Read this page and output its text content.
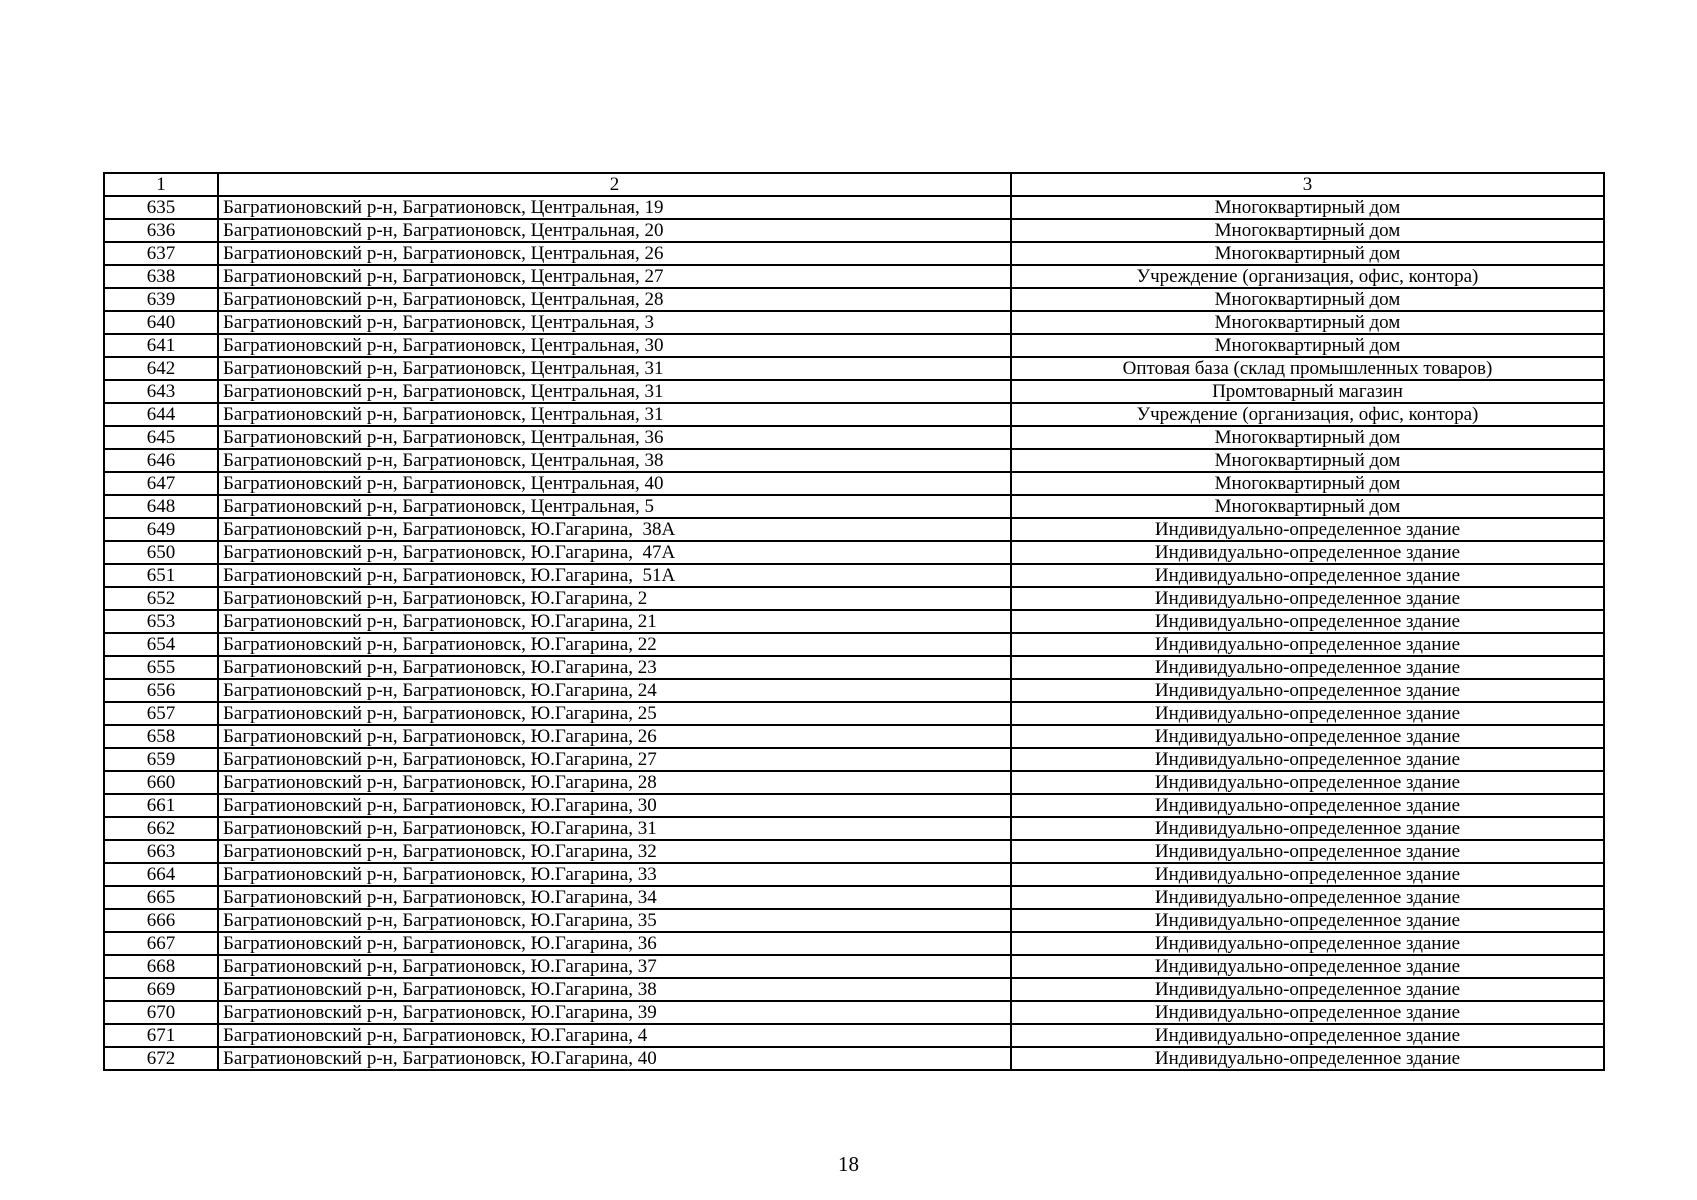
1	2	3
635	Багратионовский р-н, Багратионовск, Центральная, 19	Многоквартирный дом
636	Багратионовский р-н, Багратионовск, Центральная, 20	Многоквартирный дом
637	Багратионовский р-н, Багратионовск, Центральная, 26	Многоквартирный дом
638	Багратионовский р-н, Багратионовск, Центральная, 27	Учреждение (организация, офис, контора)
639	Багратионовский р-н, Багратионовск, Центральная, 28	Многоквартирный дом
640	Багратионовский р-н, Багратионовск, Центральная, 3	Многоквартирный дом
641	Багратионовский р-н, Багратионовск, Центральная, 30	Многоквартирный дом
642	Багратионовский р-н, Багратионовск, Центральная, 31	Оптовая база (склад промышленных товаров)
643	Багратионовский р-н, Багратионовск, Центральная, 31	Промтоварный магазин
644	Багратионовский р-н, Багратионовск, Центральная, 31	Учреждение (организация, офис, контора)
645	Багратионовский р-н, Багратионовск, Центральная, 36	Многоквартирный дом
646	Багратионовский р-н, Багратионовск, Центральная, 38	Многоквартирный дом
647	Багратионовский р-н, Багратионовск, Центральная, 40	Многоквартирный дом
648	Багратионовский р-н, Багратионовск, Центральная, 5	Многоквартирный дом
649	Багратионовский р-н, Багратионовск, Ю.Гагарина,  38А	Индивидуально-определенное здание
650	Багратионовский р-н, Багратионовск, Ю.Гагарина,  47А	Индивидуально-определенное здание
651	Багратионовский р-н, Багратионовск, Ю.Гагарина,  51А	Индивидуально-определенное здание
652	Багратионовский р-н, Багратионовск, Ю.Гагарина, 2	Индивидуально-определенное здание
653	Багратионовский р-н, Багратионовск, Ю.Гагарина, 21	Индивидуально-определенное здание
654	Багратионовский р-н, Багратионовск, Ю.Гагарина, 22	Индивидуально-определенное здание
655	Багратионовский р-н, Багратионовск, Ю.Гагарина, 23	Индивидуально-определенное здание
656	Багратионовский р-н, Багратионовск, Ю.Гагарина, 24	Индивидуально-определенное здание
657	Багратионовский р-н, Багратионовск, Ю.Гагарина, 25	Индивидуально-определенное здание
658	Багратионовский р-н, Багратионовск, Ю.Гагарина, 26	Индивидуально-определенное здание
659	Багратионовский р-н, Багратионовск, Ю.Гагарина, 27	Индивидуально-определенное здание
660	Багратионовский р-н, Багратионовск, Ю.Гагарина, 28	Индивидуально-определенное здание
661	Багратионовский р-н, Багратионовск, Ю.Гагарина, 30	Индивидуально-определенное здание
662	Багратионовский р-н, Багратионовск, Ю.Гагарина, 31	Индивидуально-определенное здание
663	Багратионовский р-н, Багратионовск, Ю.Гагарина, 32	Индивидуально-определенное здание
664	Багратионовский р-н, Багратионовск, Ю.Гагарина, 33	Индивидуально-определенное здание
665	Багратионовский р-н, Багратионовск, Ю.Гагарина, 34	Индивидуально-определенное здание
666	Багратионовский р-н, Багратионовск, Ю.Гагарина, 35	Индивидуально-определенное здание
667	Багратионовский р-н, Багратионовск, Ю.Гагарина, 36	Индивидуально-определенное здание
668	Багратионовский р-н, Багратионовск, Ю.Гагарина, 37	Индивидуально-определенное здание
669	Багратионовский р-н, Багратионовск, Ю.Гагарина, 38	Индивидуально-определенное здание
670	Багратионовский р-н, Багратионовск, Ю.Гагарина, 39	Индивидуально-определенное здание
671	Багратионовский р-н, Багратионовск, Ю.Гагарина, 4	Индивидуально-определенное здание
672	Багратионовский р-н, Багратионовск, Ю.Гагарина, 40	Индивидуально-определенное здание
18
